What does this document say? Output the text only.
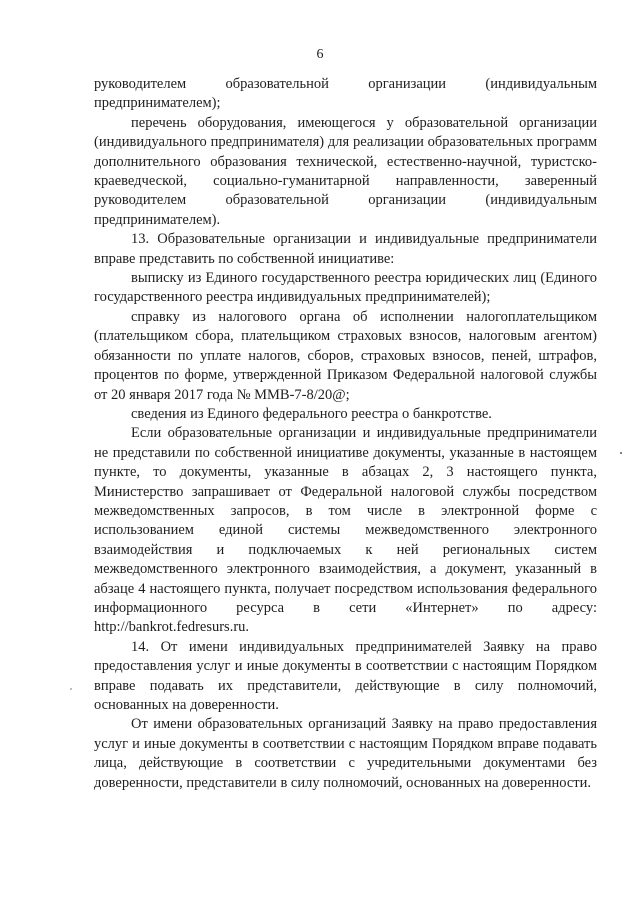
6

руководителем образовательной организации (индивидуальным предпринимателем);

перечень оборудования, имеющегося у образовательной организации (индивидуального предпринимателя) для реализации образовательных программ дополнительного образования технической, естественно-научной, туристско-краеведческой, социально-гуманитарной направленности, заверенный руководителем образовательной организации (индивидуальным предпринимателем).

13. Образовательные организации и индивидуальные предприниматели вправе представить по собственной инициативе:

выписку из Единого государственного реестра юридических лиц (Единого государственного реестра индивидуальных предпринимателей);

справку из налогового органа об исполнении налогоплательщиком (плательщиком сбора, плательщиком страховых взносов, налоговым агентом) обязанности по уплате налогов, сборов, страховых взносов, пеней, штрафов, процентов по форме, утвержденной Приказом Федеральной налоговой службы от 20 января 2017 года № ММВ-7-8/20@;

сведения из Единого федерального реестра о банкротстве.

Если образовательные организации и индивидуальные предприниматели не представили по собственной инициативе документы, указанные в настоящем пункте, то документы, указанные в абзацах 2, 3 настоящего пункта, Министерство запрашивает от Федеральной налоговой службы посредством межведомственных запросов, в том числе в электронной форме с использованием единой системы межведомственного электронного взаимодействия и подключаемых к ней региональных систем межведомственного электронного взаимодействия, а документ, указанный в абзаце 4 настоящего пункта, получает посредством использования федерального информационного ресурса в сети «Интернет» по адресу: http://bankrot.fedresurs.ru.

14. От имени индивидуальных предпринимателей Заявку на право предоставления услуг и иные документы в соответствии с настоящим Порядком вправе подавать их представители, действующие в силу полномочий, основанных на доверенности.

От имени образовательных организаций Заявку на право предоставления услуг и иные документы в соответствии с настоящим Порядком вправе подавать лица, действующие в соответствии с учредительными документами без доверенности, представители в силу полномочий, основанных на доверенности.
